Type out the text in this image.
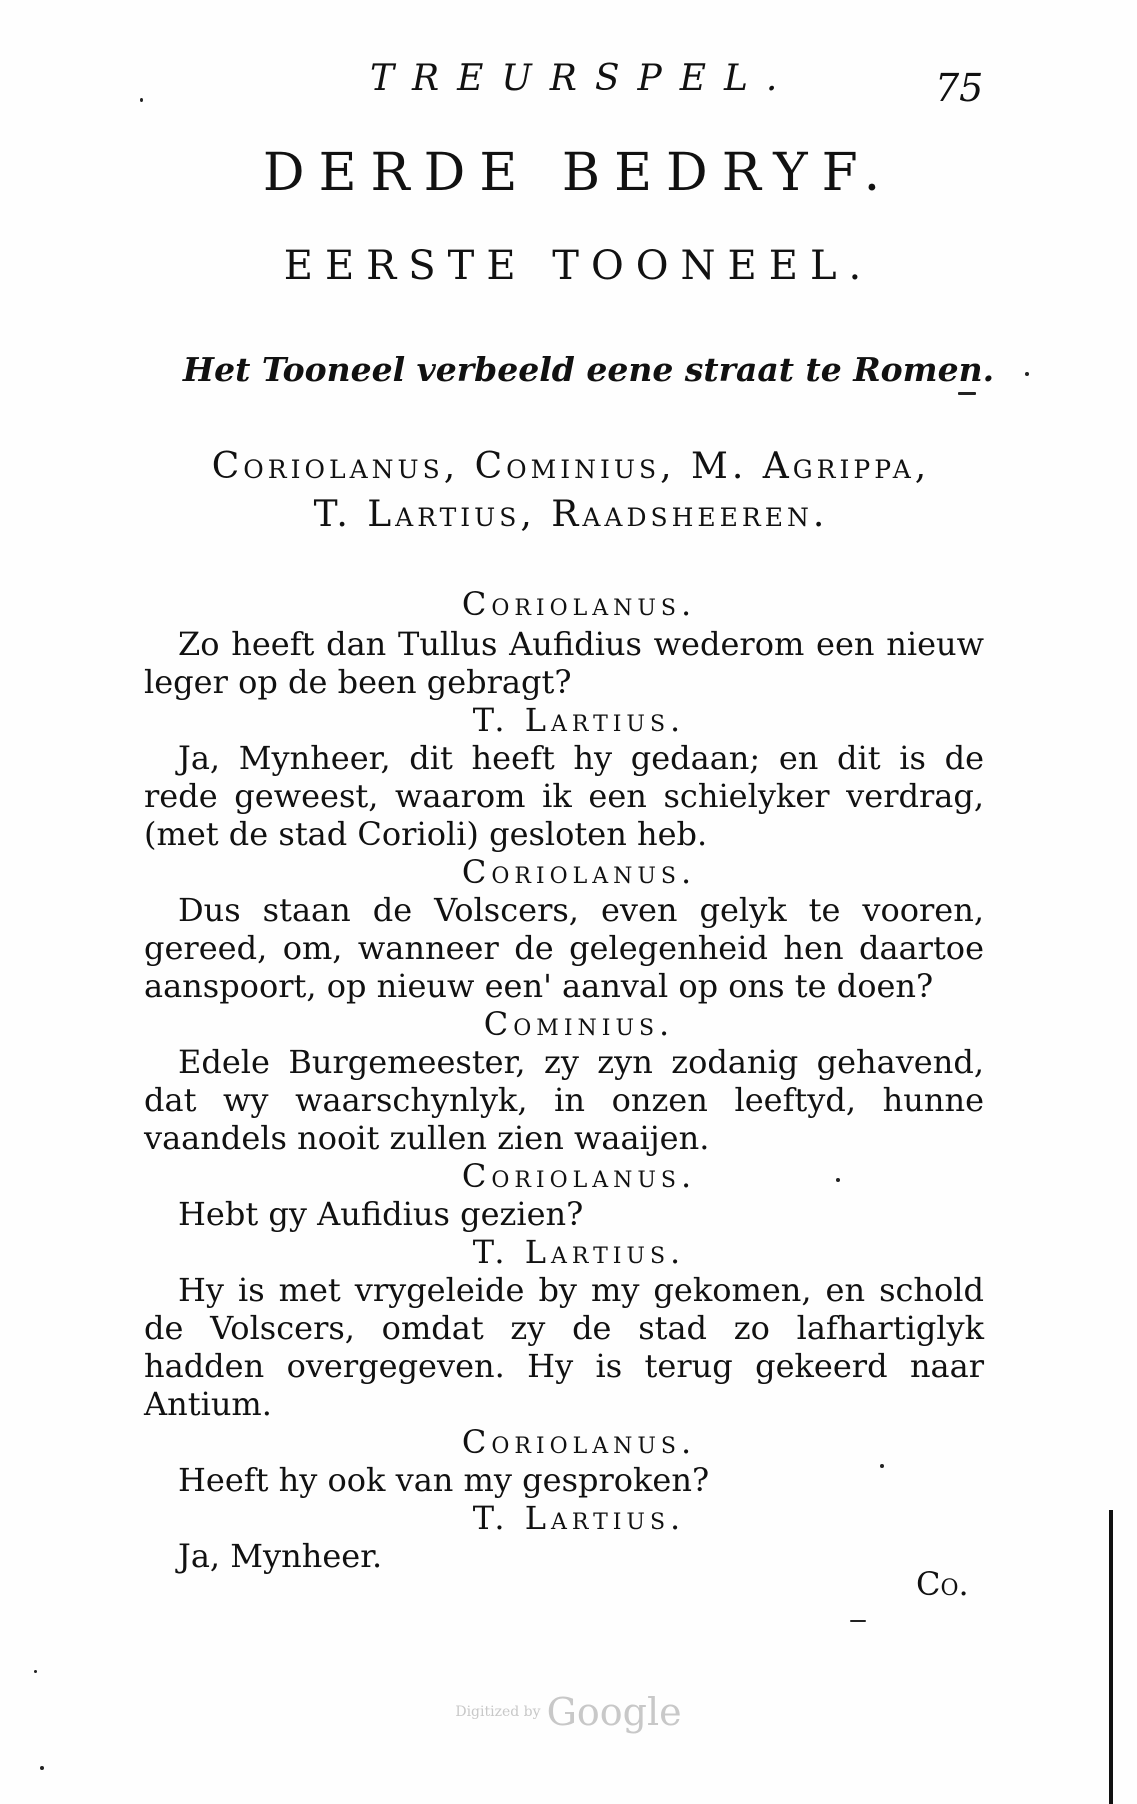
TREURSPEL.	75
DERDE BEDRYF.
EERSTE TOONEEL.
Het Tooneel verbeeld eene straat te Romen.
Coriolanus, Cominius, M. Agrippa,
T. Lartius, Raadsheeren.
Coriolanus.
Zo heeft dan Tullus Aufidius wederom een nieuw leger op de been gebragt?
T. Lartius.
Ja, Mynheer, dit heeft hy gedaan; en dit is de rede geweest, waarom ik een schielyker verdrag, (met de stad Corioli) gesloten heb.
Coriolanus.
Dus staan de Volscers, even gelyk te vooren, gereed, om, wanneer de gelegenheid hen daartoe aanspoort, op nieuw een' aanval op ons te doen?
Cominius.
Edele Burgemeester, zy zyn zodanig gehavend, dat wy waarschynlyk, in onzen leeftyd, hunne vaandels nooit zullen zien waaijen.
Coriolanus.
Hebt gy Aufidius gezien?
T. Lartius.
Hy is met vrygeleide by my gekomen, en schold de Volscers, omdat zy de stad zo lafhartiglyk hadden overgegeven. Hy is terug gekeerd naar Antium.
Coriolanus.
Heeft hy ook van my gesproken?
T. Lartius.
Ja, Mynheer.
Co.
Digitized by Google
